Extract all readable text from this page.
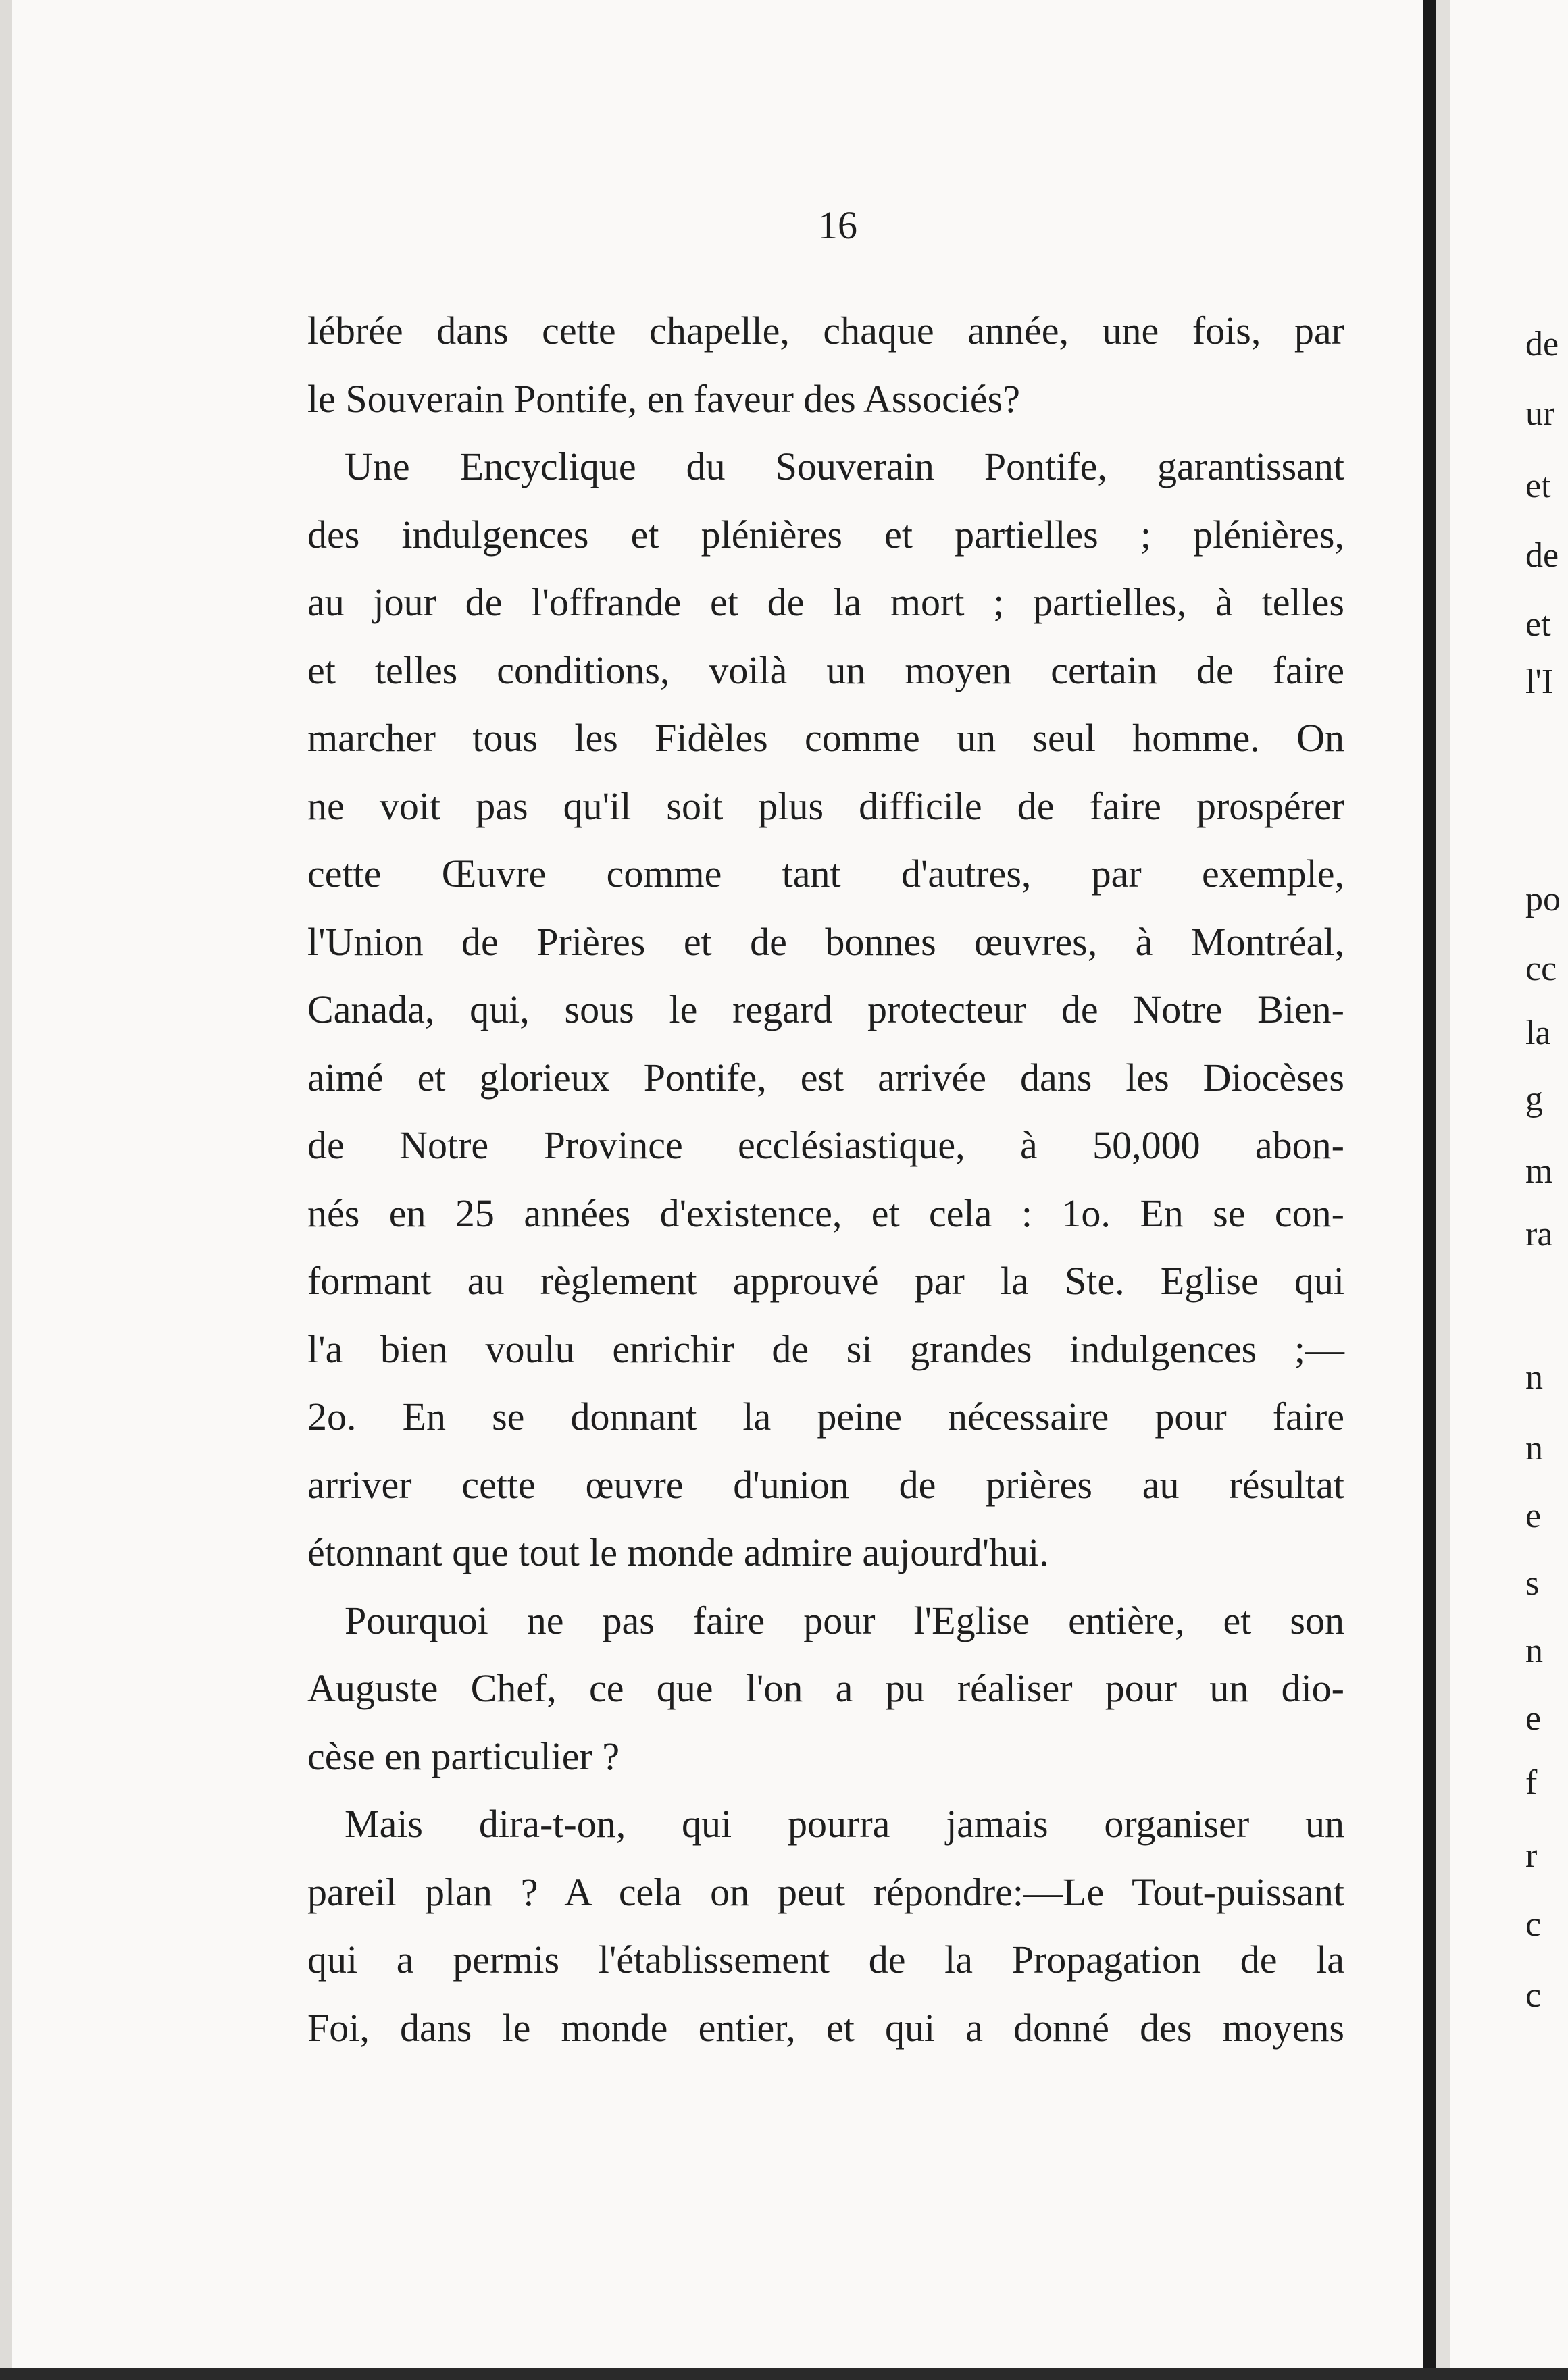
16
lébrée dans cette chapelle, chaque année, une fois, par
le Souverain Pontife, en faveur des Associés?
Une Encyclique du Souverain Pontife, garantissant
des indulgences et plénières et partielles ; plénières,
au jour de l'offrande et de la mort ; partielles, à telles
et telles conditions, voilà un moyen certain de faire
marcher tous les Fidèles comme un seul homme. On
ne voit pas qu'il soit plus difficile de faire prospérer
cette Œuvre comme tant d'autres, par exemple,
l'Union de Prières et de bonnes œuvres, à Montréal,
Canada, qui, sous le regard protecteur de Notre Bien-
aimé et glorieux Pontife, est arrivée dans les Diocèses
de Notre Province ecclésiastique, à 50,000 abon-
nés en 25 années d'existence, et cela : 1o. En se con-
formant au règlement approuvé par la Ste. Eglise qui
l'a bien voulu enrichir de si grandes indulgences ;—
2o. En se donnant la peine nécessaire pour faire
arriver cette œuvre d'union de prières au résultat
étonnant que tout le monde admire aujourd'hui.
Pourquoi ne pas faire pour l'Eglise entière, et son
Auguste Chef, ce que l'on a pu réaliser pour un dio-
cèse en particulier ?
Mais dira-t-on, qui pourra jamais organiser un
pareil plan ? A cela on peut répondre:—Le Tout-puissant
qui a permis l'établissement de la Propagation de la
Foi, dans le monde entier, et qui a donné des moyens
de
ur
et
de
et
l'I
po
cc
la
g
m
ra
n
n
e
s
n
e
f
r
c
c
